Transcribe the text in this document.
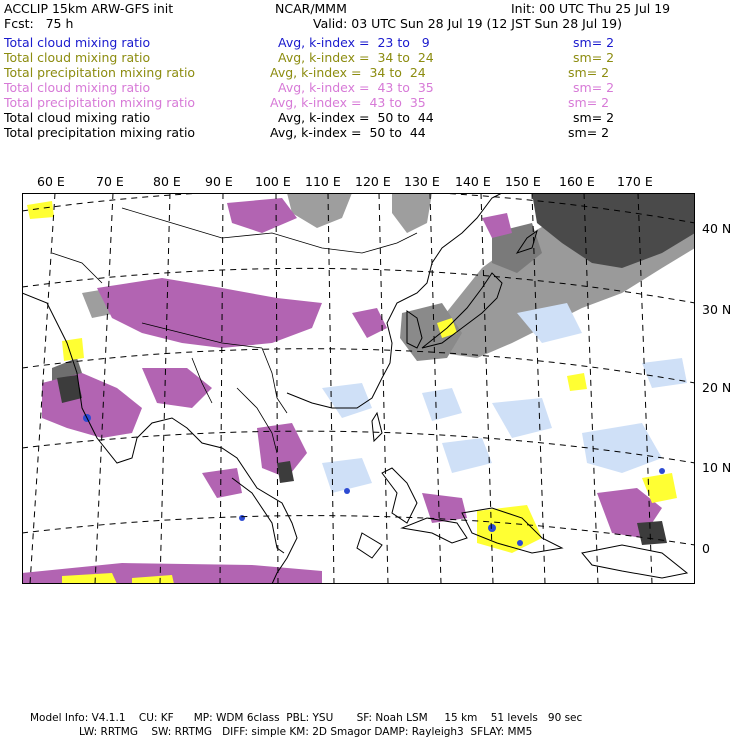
ACCLIP 15km ARW-GFS init	NCAR/MMM	Init: 00 UTC Thu 25 Jul 19
Fcst:   75 h	Valid: 03 UTC Sun 28 Jul 19 (12 JST Sun 28 Jul 19)
Total cloud mixing ratio	Avg, k-index =  23 to   9	sm= 2
Total cloud mixing ratio	Avg, k-index =  34 to  24	sm= 2
Total precipitation mixing ratio	Avg, k-index =  34 to  24	sm= 2
Total cloud mixing ratio	Avg, k-index =  43 to  35	sm= 2
Total precipitation mixing ratio	Avg, k-index =  43 to  35	sm= 2
Total cloud mixing ratio	Avg, k-index =  50 to  44	sm= 2
Total precipitation mixing ratio	Avg, k-index =  50 to  44	sm= 2
60 E 70 E 80 E 90 E 100 E 110 E 120 E 130 E 140 E 150 E 160 E 170 E
40 N
30 N
20 N
10 N
0
Model Info: V4.1.1    CU: KF      MP: WDM 6class  PBL: YSU       SF: Noah LSM     15 km    51 levels   90 sec
LW: RRTMG    SW: RRTMG   DIFF: simple KM: 2D Smagor DAMP: Rayleigh3  SFLAY: MM5
